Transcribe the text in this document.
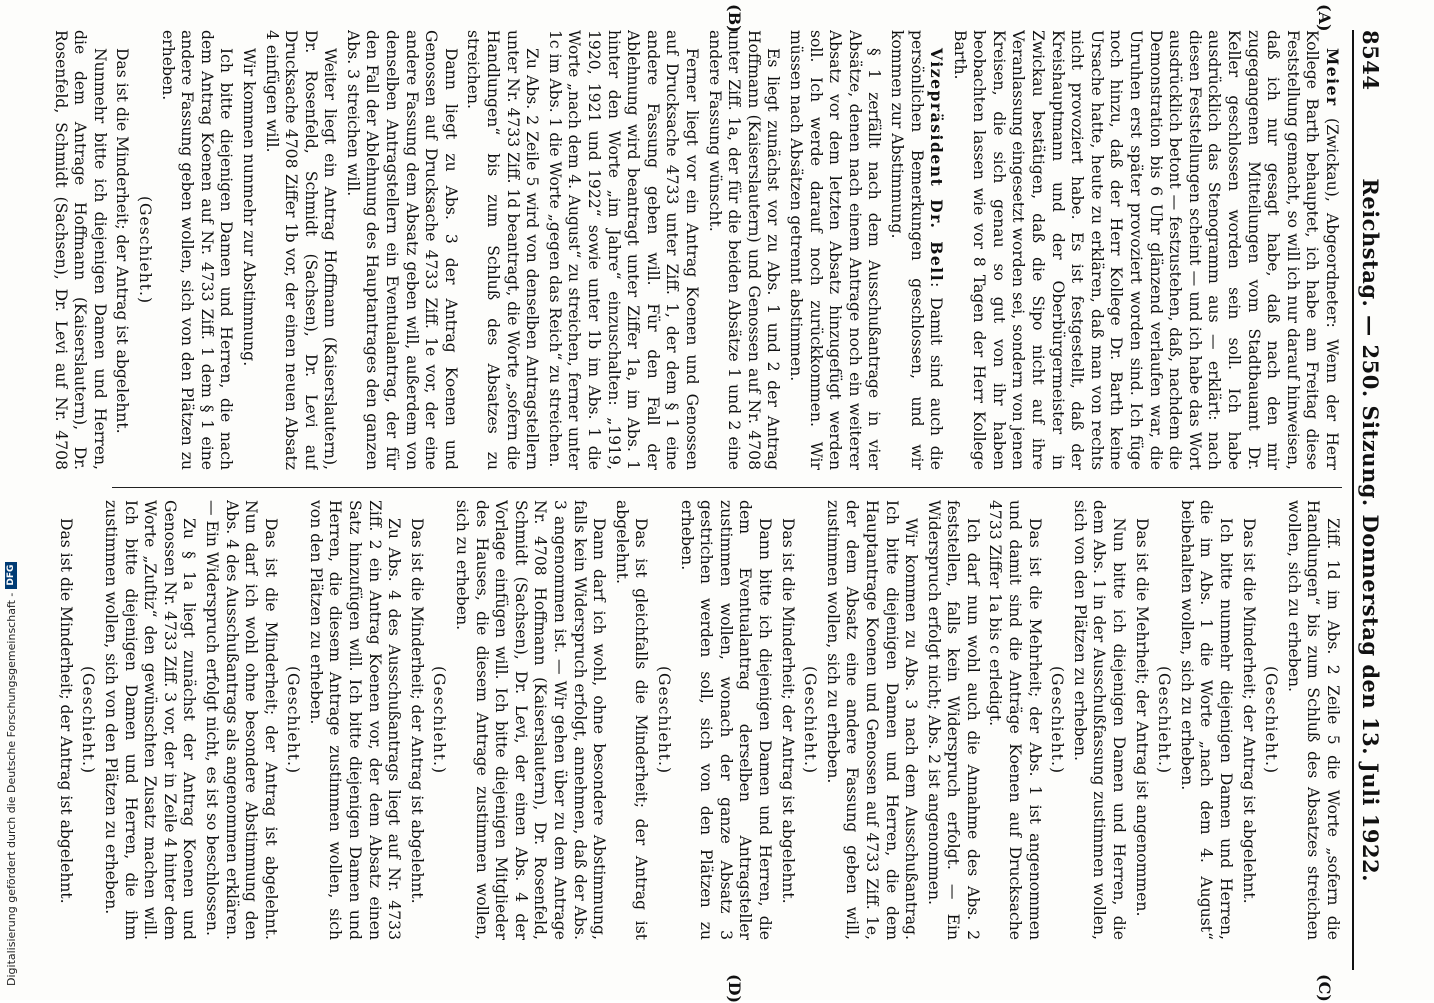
8544
Reichstag. — 250. Sitzung. Donnerstag den 13. Juli 1922.
(A)
(B)
(C)
(D)

Meier (Zwickau), Abgeordneter: Wenn der Herr Kollege Barth behauptet, ich habe am Freitag diese Feststellung gemacht, so will ich nur darauf hinweisen, daß ich nur gesagt habe, daß nach den mir zugegangenen Mitteilungen vom Stadtbauamt Dr. Keller geschlossen worden sein soll. Ich habe ausdrücklich das Stenogramm aus — erklärt: nach diesen Feststellungen scheint — und ich habe das Wort ausdrücklich betont — festzustehen, daß, nachdem die Demonstration bis 6 Uhr glänzend verlaufen war, die Unruhen erst später provoziert worden sind. Ich füge noch hinzu, daß der Herr Kollege Dr. Barth keine Ursache hatte, heute zu erklären, daß man von rechts nicht provoziert habe. Es ist festgestellt, daß der Kreishauptmann und der Oberbürgermeister in Zwickau bestätigen, daß die Sipo nicht auf ihre Veranlassung eingesetzt worden sei, sondern von jenen Kreisen, die sich genau so gut von ihr haben beobachten lassen wie vor 8 Tagen der Herr Kollege Barth.

Vizepräsident Dr. Bell: Damit sind auch die persönlichen Bemerkungen geschlossen, und wir kommen zur Abstimmung.

§ 1 zerfällt nach dem Ausschußantrage in vier Absätze, denen nach einem Antrage noch ein weiterer Absatz vor dem letzten Absatz hinzugefügt werden soll. Ich werde darauf noch zurückkommen. Wir müssen nach Absätzen getrennt abstimmen.

Es liegt zunächst vor zu Abs. 1 und 2 der Antrag Hoffmann (Kaiserslautern) und Genossen auf Nr. 4708 unter Ziff. 1a, der für die beiden Absätze 1 und 2 eine andere Fassung wünscht.

Ferner liegt vor ein Antrag Koenen und Genossen auf Drucksache 4733 unter Ziff. 1, der dem § 1 eine andere Fassung geben will. Für den Fall der Ablehnung wird beantragt unter Ziffer 1a, im Abs. 1 hinter den Worte „im Jahre“ einzuschalten: „1919, 1920, 1921 und 1922“ sowie unter 1b im Abs. 1 die Worte „nach dem 4. August“ zu streichen, ferner unter 1c im Abs. 1 die Worte „gegen das Reich“ zu streichen.

Zu Abs. 2 Zeile 5 wird von denselben Antragstellern unter Nr. 4733 Ziff. 1d beantragt, die Worte „sofern die Handlungen“ bis zum Schluß des Absatzes zu streichen.

Dann liegt zu Abs. 3 der Antrag Koenen und Genossen auf Drucksache 4733 Ziff. 1e vor, der eine andere Fassung dem Absatz geben will, außerdem von denselben Antragstellern ein Eventualantrag, der für den Fall der Ablehnung des Hauptantrages den ganzen Abs. 3 streichen will.

Weiter liegt ein Antrag Hoffmann (Kaiserslautern), Dr. Rosenfeld, Schmidt (Sachsen), Dr. Levi auf Drucksache 4708 Ziffer 1b vor, der einen neuen Absatz 4 einfügen will.

Wir kommen nunmehr zur Abstimmung.

Ich bitte diejenigen Damen und Herren, die nach dem Antrag Koenen auf Nr. 4733 Ziff. 1 dem § 1 eine andere Fassung geben wollen, sich von den Plätzen zu erheben.

(Geschieht.)

Das ist die Minderheit; der Antrag ist abgelehnt.

Nunmehr bitte ich diejenigen Damen und Herren, die dem Antrage Hoffmann (Kaiserslautern), Dr. Rosenfeld, Schmidt (Sachsen), Dr. Levi auf Nr. 4708

Ziff. 1d im Abs. 2 Zeile 5 die Worte „sofern die Handlungen“ bis zum Schluß des Absatzes streichen wollen, sich zu erheben.

(Geschieht.)

Das ist die Minderheit; der Antrag ist abgelehnt.

Ich bitte nunmehr diejenigen Damen und Herren, die im Abs. 1 die Worte „nach dem 4. August“ beibehalten wollen, sich zu erheben.

(Geschieht.)

Das ist die Mehrheit; der Antrag ist angenommen.

Nun bitte ich diejenigen Damen und Herren, die dem Abs. 1 in der Ausschußfassung zustimmen wollen, sich von den Plätzen zu erheben.

(Geschieht.)

Das ist die Mehrheit; der Abs. 1 ist angenommen und damit sind die Anträge Koenen auf Drucksache 4733 Ziffer 1a bis c erledigt.

Ich darf nun wohl auch die Annahme des Abs. 2 feststellen, falls kein Widerspruch erfolgt. — Ein Widerspruch erfolgt nicht; Abs. 2 ist angenommen.

Wir kommen zu Abs. 3 nach dem Ausschußantrag. Ich bitte diejenigen Damen und Herren, die dem Hauptantrage Koenen und Genossen auf 4733 Ziff. 1e, der dem Absatz eine andere Fassung geben will, zustimmen wollen, sich zu erheben.

(Geschieht.)

Das ist die Minderheit; der Antrag ist abgelehnt.

Dann bitte ich diejenigen Damen und Herren, die dem Eventualantrag derselben Antragsteller zustimmen wollen, wonach der ganze Absatz 3 gestrichen werden soll, sich von den Plätzen zu erheben.

(Geschieht.)

Das ist gleichfalls die Minderheit; der Antrag ist abgelehnt.

Dann darf ich wohl, ohne besondere Abstimmung, falls kein Widerspruch erfolgt, annehmen, daß der Abs. 3 angenommen ist. — Wir gehen über zu dem Antrage Nr. 4708 Hoffmann (Kaiserslautern), Dr. Rosenfeld, Schmidt (Sachsen), Dr. Levi, der einen Abs. 4 der Vorlage einfügen will. Ich bitte diejenigen Mitglieder des Hauses, die diesem Antrage zustimmen wollen, sich zu erheben.

(Geschieht.)

Das ist die Minderheit; der Antrag ist abgelehnt.

Zu Abs. 4 des Ausschußantrags liegt auf Nr. 4733 Ziff. 2 ein Antrag Koenen vor, der dem Absatz einen Satz hinzufügen will. Ich bitte diejenigen Damen und Herren, die diesem Antrage zustimmen wollen, sich von den Plätzen zu erheben.

(Geschieht.)

Das ist die Minderheit; der Antrag ist abgelehnt. Nun darf ich wohl ohne besondere Abstimmung den Abs. 4 des Ausschußantrags als angenommen erklären. — Ein Widerspruch erfolgt nicht, es ist so beschlossen.

Zu § 1a liegt zunächst der Antrag Koenen und Genossen Nr. 4733 Ziff. 3 vor, der in Zeile 4 hinter dem Worte „Zuſtiz“ den gewünschten Zusatz machen will. Ich bitte diejenigen Damen und Herren, die ihm zustimmen wollen, sich von den Plätzen zu erheben.

(Geschieht.)

Das ist die Minderheit; der Antrag ist abgelehnt.

Digitalisierung gefördert durch die Deutsche Forschungsgemeinschaft -
DFG
